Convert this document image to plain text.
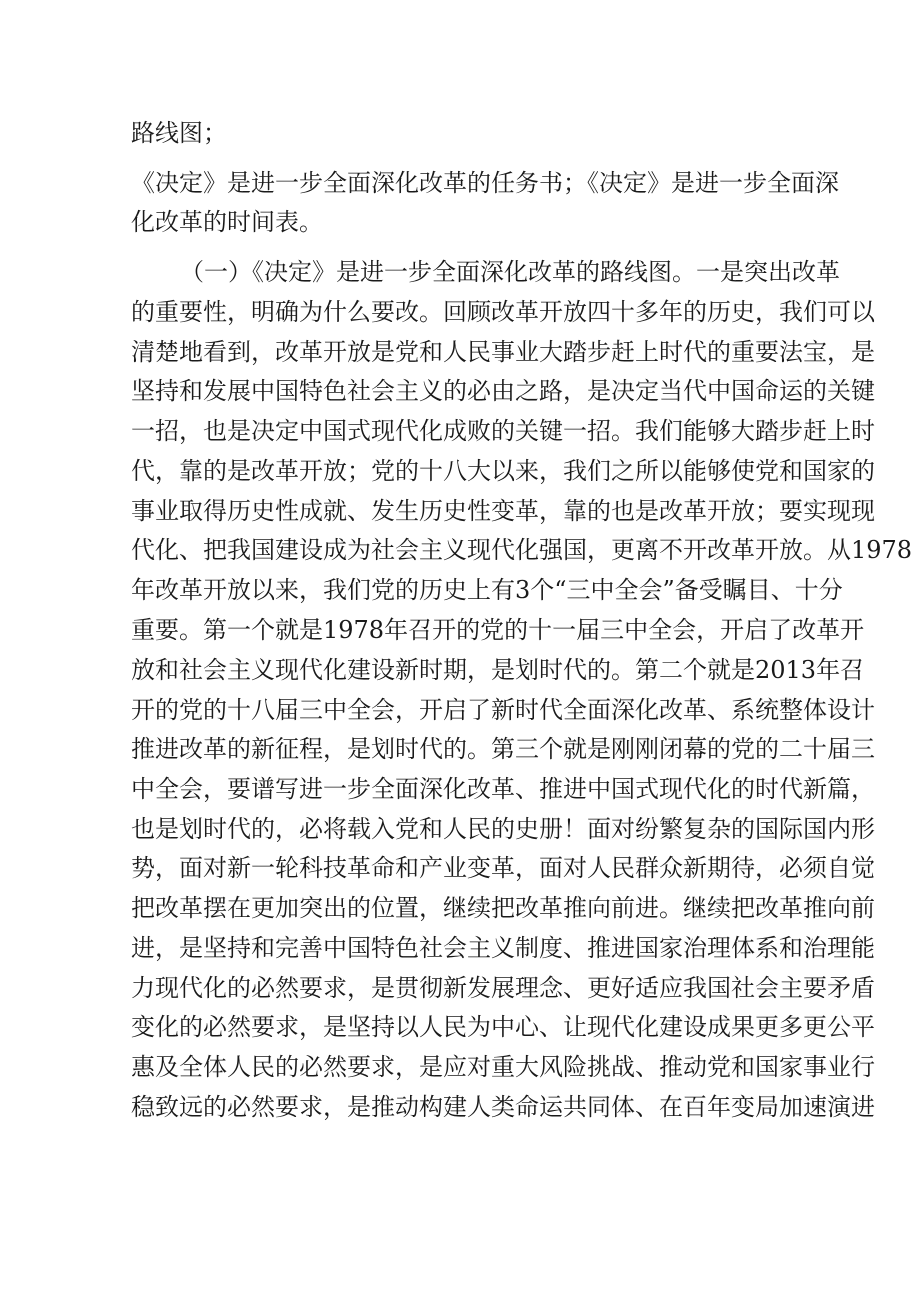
路线图；
《决定》是进一步全面深化改革的任务书；《决定》是进一步全面深
化改革的时间表。
（一）《决定》是进一步全面深化改革的路线图。一是突出改革
的重要性，明确为什么要改。回顾改革开放四十多年的历史，我们可以
清楚地看到，改革开放是党和人民事业大踏步赶上时代的重要法宝，是
坚持和发展中国特色社会主义的必由之路，是决定当代中国命运的关键
一招，也是决定中国式现代化成败的关键一招。我们能够大踏步赶上时
代，靠的是改革开放；党的十八大以来，我们之所以能够使党和国家的
事业取得历史性成就、发生历史性变革，靠的也是改革开放；要实现现
代化、把我国建设成为社会主义现代化强国，更离不开改革开放。从1978
年改革开放以来，我们党的历史上有3个“三中全会”备受瞩目、十分
重要。第一个就是1978年召开的党的十一届三中全会，开启了改革开
放和社会主义现代化建设新时期，是划时代的。第二个就是2013年召
开的党的十八届三中全会，开启了新时代全面深化改革、系统整体设计
推进改革的新征程，是划时代的。第三个就是刚刚闭幕的党的二十届三
中全会，要谱写进一步全面深化改革、推进中国式现代化的时代新篇，
也是划时代的，必将载入党和人民的史册！面对纷繁复杂的国际国内形
势，面对新一轮科技革命和产业变革，面对人民群众新期待，必须自觉
把改革摆在更加突出的位置，继续把改革推向前进。继续把改革推向前
进，是坚持和完善中国特色社会主义制度、推进国家治理体系和治理能
力现代化的必然要求，是贯彻新发展理念、更好适应我国社会主要矛盾
变化的必然要求，是坚持以人民为中心、让现代化建设成果更多更公平
惠及全体人民的必然要求，是应对重大风险挑战、推动党和国家事业行
稳致远的必然要求，是推动构建人类命运共同体、在百年变局加速演进
